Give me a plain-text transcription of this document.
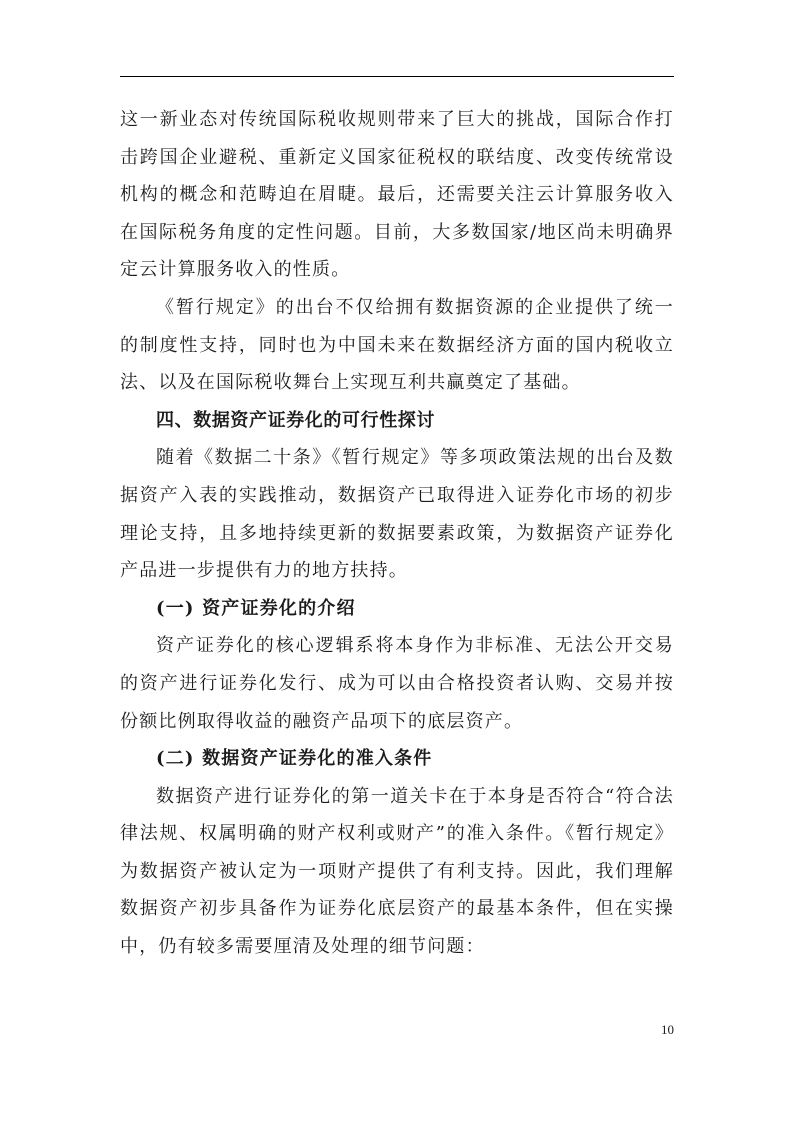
这一新业态对传统国际税收规则带来了巨大的挑战，国际合作打击跨国企业避税、重新定义国家征税权的联结度、改变传统常设机构的概念和范畴迫在眉睫。最后，还需要关注云计算服务收入在国际税务角度的定性问题。目前，大多数国家/地区尚未明确界定云计算服务收入的性质。

《暂行规定》的出台不仅给拥有数据资源的企业提供了统一的制度性支持，同时也为中国未来在数据经济方面的国内税收立法、以及在国际税收舞台上实现互利共赢奠定了基础。

四、数据资产证券化的可行性探讨

随着《数据二十条》《暂行规定》等多项政策法规的出台及数据资产入表的实践推动，数据资产已取得进入证券化市场的初步理论支持，且多地持续更新的数据要素政策，为数据资产证券化产品进一步提供有力的地方扶持。

(一) 资产证券化的介绍

资产证券化的核心逻辑系将本身作为非标准、无法公开交易的资产进行证券化发行、成为可以由合格投资者认购、交易并按份额比例取得收益的融资产品项下的底层资产。

(二) 数据资产证券化的准入条件

数据资产进行证券化的第一道关卡在于本身是否符合“符合法律法规、权属明确的财产权利或财产”的准入条件。《暂行规定》为数据资产被认定为一项财产提供了有利支持。因此，我们理解数据资产初步具备作为证券化底层资产的最基本条件，但在实操中，仍有较多需要厘清及处理的细节问题：

10
